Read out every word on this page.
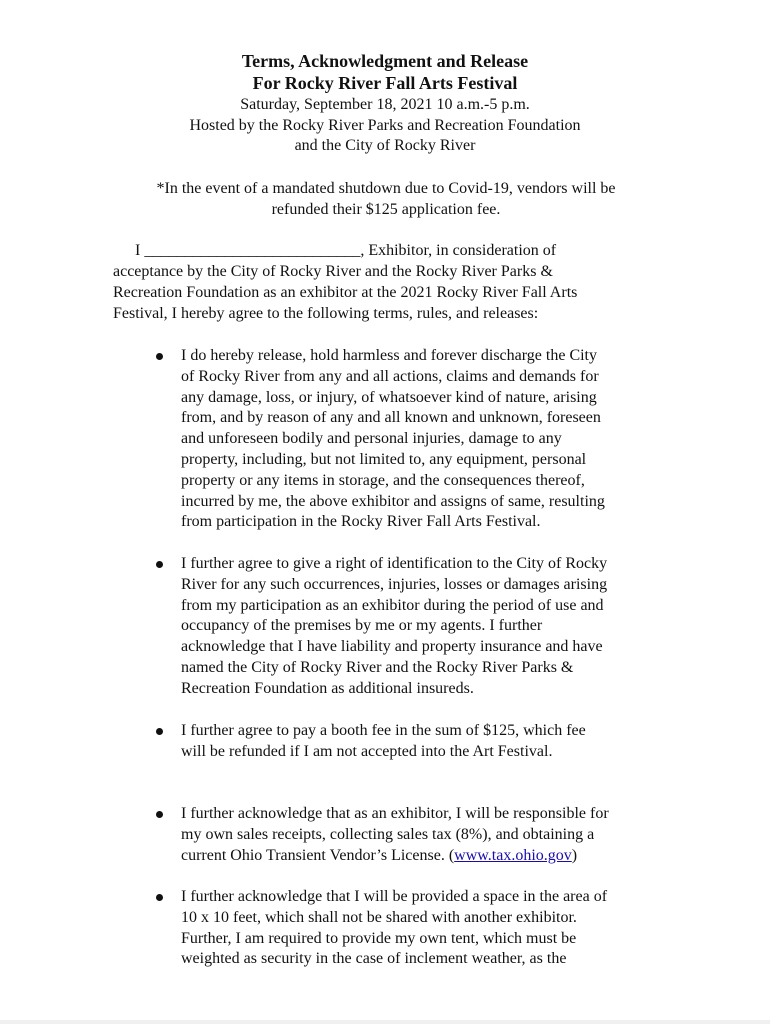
Terms, Acknowledgment and Release
For Rocky River Fall Arts Festival
Saturday, September 18, 2021 10 a.m.-5 p.m.
Hosted by the Rocky River Parks and Recreation Foundation
and the City of Rocky River
*In the event of a mandated shutdown due to Covid-19, vendors will be
refunded their $125 application fee.
I ___________________________, Exhibitor, in consideration of
acceptance by the City of Rocky River and the Rocky River Parks &
Recreation Foundation as an exhibitor at the 2021 Rocky River Fall Arts
Festival, I hereby agree to the following terms, rules, and releases:
I do hereby release, hold harmless and forever discharge the City
of Rocky River from any and all actions, claims and demands for
any damage, loss, or injury, of whatsoever kind of nature, arising
from, and by reason of any and all known and unknown, foreseen
and unforeseen bodily and personal injuries, damage to any
property, including, but not limited to, any equipment, personal
property or any items in storage, and the consequences thereof,
incurred by me, the above exhibitor and assigns of same, resulting
from participation in the Rocky River Fall Arts Festival.
I further agree to give a right of identification to the City of Rocky
River for any such occurrences, injuries, losses or damages arising
from my participation as an exhibitor during the period of use and
occupancy of the premises by me or my agents. I further
acknowledge that I have liability and property insurance and have
named the City of Rocky River and the Rocky River Parks &
Recreation Foundation as additional insureds.
I further agree to pay a booth fee in the sum of $125, which fee
will be refunded if I am not accepted into the Art Festival.
I further acknowledge that as an exhibitor, I will be responsible for
my own sales receipts, collecting sales tax (8%), and obtaining a
current Ohio Transient Vendor’s License. (www.tax.ohio.gov)
I further acknowledge that I will be provided a space in the area of
10 x 10 feet, which shall not be shared with another exhibitor.
Further, I am required to provide my own tent, which must be
weighted as security in the case of inclement weather, as the
